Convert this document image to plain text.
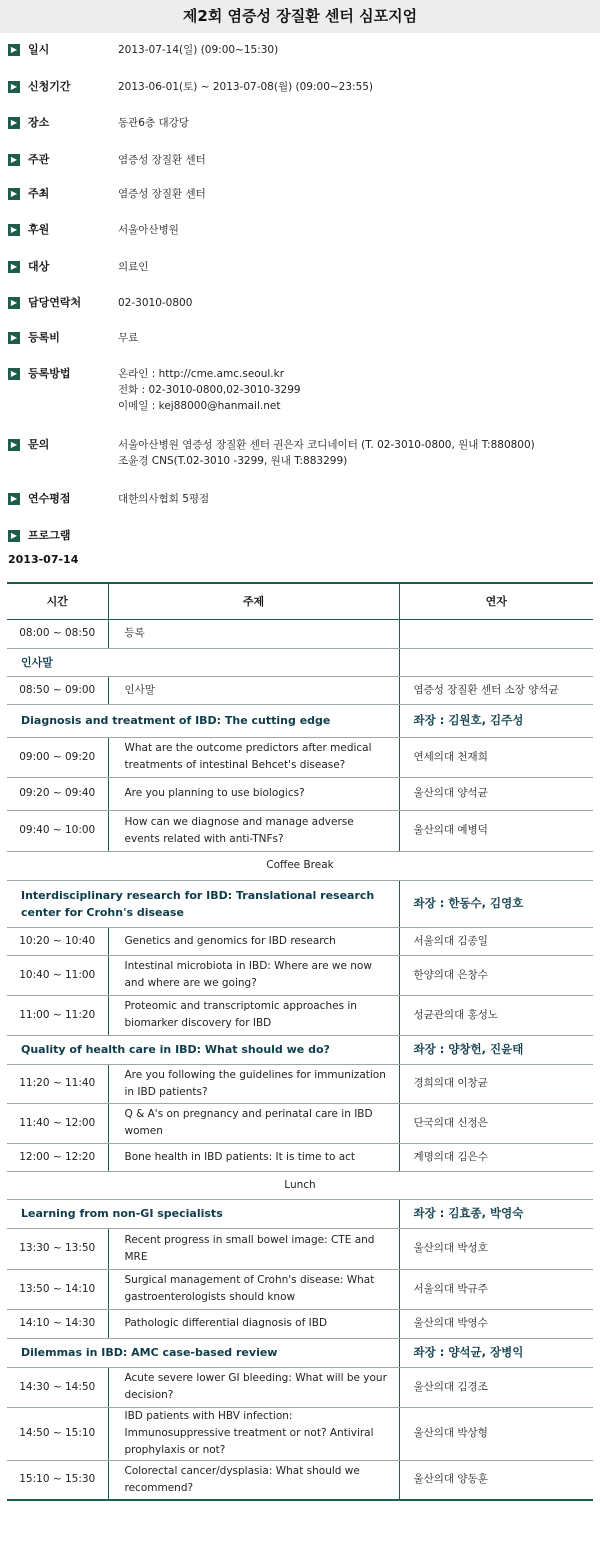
제2회 염증성 장질환 센터 심포지엄
▶ 일시	2013-07-14(일) (09:00~15:30)
▶ 신청기간	2013-06-01(토) ~ 2013-07-08(월) (09:00~23:55)
▶ 장소	동관6층 대강당
▶ 주관	염증성 장질환 센터
▶ 주최	염증성 장질환 센터
▶ 후원	서울아산병원
▶ 대상	의료인
▶ 담당연락처	02-3010-0800
▶ 등록비	무료
▶ 등록방법	온라인 : http://cme.amc.seoul.kr
전화 : 02-3010-0800,02-3010-3299
이메일 : kej88000@hanmail.net
▶ 문의	서울아산병원 염증성 장질환 센터 권은자 코디네이터 (T. 02-3010-0800, 원내 T:880800)
조윤경 CNS(T.02-3010 -3299, 원내 T:883299)
▶ 연수평점	대한의사협회 5평점
▶ 프로그램
2013-07-14
시간	주제	연자
08:00 ~ 08:50	등록	
인사말		
08:50 ~ 09:00	인사말	염증성 장질환 센터 소장 양석균
Diagnosis and treatment of IBD: The cutting edge		좌장 : 김원호, 김주성
09:00 ~ 09:20	What are the outcome predictors after medical treatments of intestinal Behcet's disease?	연세의대 천재희
09:20 ~ 09:40	Are you planning to use biologics?	울산의대 양석균
09:40 ~ 10:00	How can we diagnose and manage adverse events related with anti-TNFs?	울산의대 예병덕
Coffee Break		
Interdisciplinary research for IBD: Translational research center for Crohn's disease		좌장 : 한동수, 김영호
10:20 ~ 10:40	Genetics and genomics for IBD research	서울의대 김종일
10:40 ~ 11:00	Intestinal microbiota in IBD: Where are we now and where are we going?	한양의대 은창수
11:00 ~ 11:20	Proteomic and transcriptomic approaches in biomarker discovery for IBD	성균관의대 홍성노
Quality of health care in IBD: What should we do?		좌장 : 양창헌, 진윤태
11:20 ~ 11:40	Are you following the guidelines for immunization in IBD patients?	경희의대 이창균
11:40 ~ 12:00	Q & A's on pregnancy and perinatal care in IBD women	단국의대 신정은
12:00 ~ 12:20	Bone health in IBD patients: It is time to act	계명의대 김은수
Lunch		
Learning from non-GI specialists		좌장 : 김효종, 박영숙
13:30 ~ 13:50	Recent progress in small bowel image: CTE and MRE	울산의대 박성호
13:50 ~ 14:10	Surgical management of Crohn's disease: What gastroenterologists should know	서울의대 박규주
14:10 ~ 14:30	Pathologic differential diagnosis of IBD	울산의대 박영수
Dilemmas in IBD: AMC case-based review		좌장 : 양석균, 장병익
14:30 ~ 14:50	Acute severe lower GI bleeding: What will be your decision?	울산의대 김경조
14:50 ~ 15:10	IBD patients with HBV infection: Immunosuppressive treatment or not? Antiviral prophylaxis or not?	울산의대 박상형
15:10 ~ 15:30	Colorectal cancer/dysplasia: What should we recommend?	울산의대 양동훈
